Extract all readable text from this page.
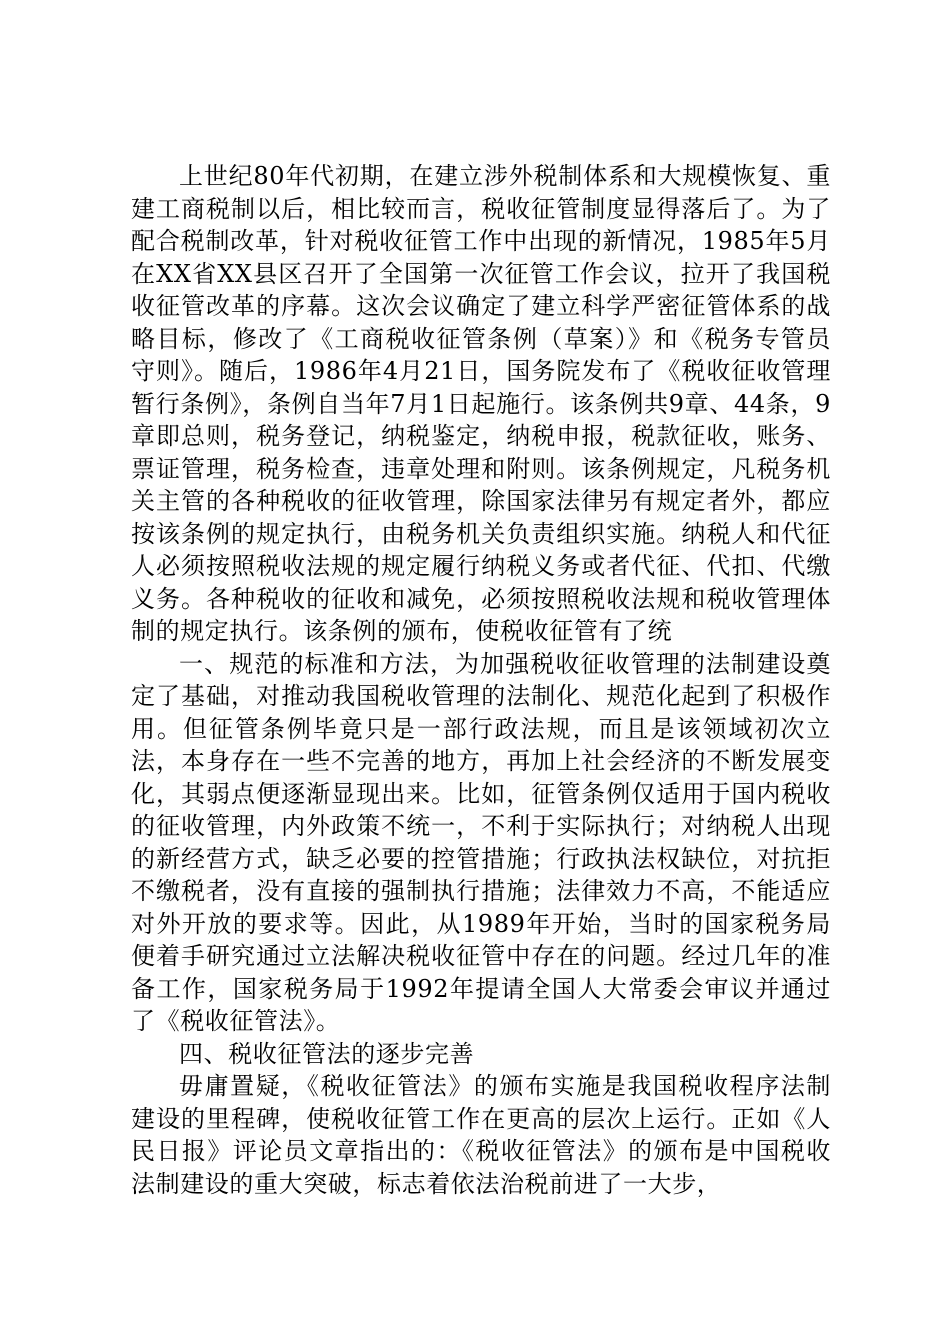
上世纪80年代初期，在建立涉外税制体系和大规模恢复、重建工商税制以后，相比较而言，税收征管制度显得落后了。为了配合税制改革，针对税收征管工作中出现的新情况，1985年5月在XX省XX县区召开了全国第一次征管工作会议，拉开了我国税收征管改革的序幕。这次会议确定了建立科学严密征管体系的战略目标，修改了《工商税收征管条例（草案）》和《税务专管员守则》。随后，1986年4月21日，国务院发布了《税收征收管理暂行条例》，条例自当年7月1日起施行。该条例共9章、44条，9章即总则，税务登记，纳税鉴定，纳税申报，税款征收，账务、票证管理，税务检查，违章处理和附则。该条例规定，凡税务机关主管的各种税收的征收管理，除国家法律另有规定者外，都应按该条例的规定执行，由税务机关负责组织实施。纳税人和代征人必须按照税收法规的规定履行纳税义务或者代征、代扣、代缴义务。各种税收的征收和减免，必须按照税收法规和税收管理体制的规定执行。该条例的颁布，使税收征管有了统

一、规范的标准和方法，为加强税收征收管理的法制建设奠定了基础，对推动我国税收管理的法制化、规范化起到了积极作用。但征管条例毕竟只是一部行政法规，而且是该领域初次立法，本身存在一些不完善的地方，再加上社会经济的不断发展变化，其弱点便逐渐显现出来。比如，征管条例仅适用于国内税收的征收管理，内外政策不统一，不利于实际执行；对纳税人出现的新经营方式，缺乏必要的控管措施；行政执法权缺位，对抗拒不缴税者，没有直接的强制执行措施；法律效力不高，不能适应对外开放的要求等。因此，从1989年开始，当时的国家税务局便着手研究通过立法解决税收征管中存在的问题。经过几年的准备工作，国家税务局于1992年提请全国人大常委会审议并通过了《税收征管法》。

四、税收征管法的逐步完善

毋庸置疑，《税收征管法》的颁布实施是我国税收程序法制建设的里程碑，使税收征管工作在更高的层次上运行。正如《人民日报》评论员文章指出的：《税收征管法》的颁布是中国税收法制建设的重大突破，标志着依法治税前进了一大步，
